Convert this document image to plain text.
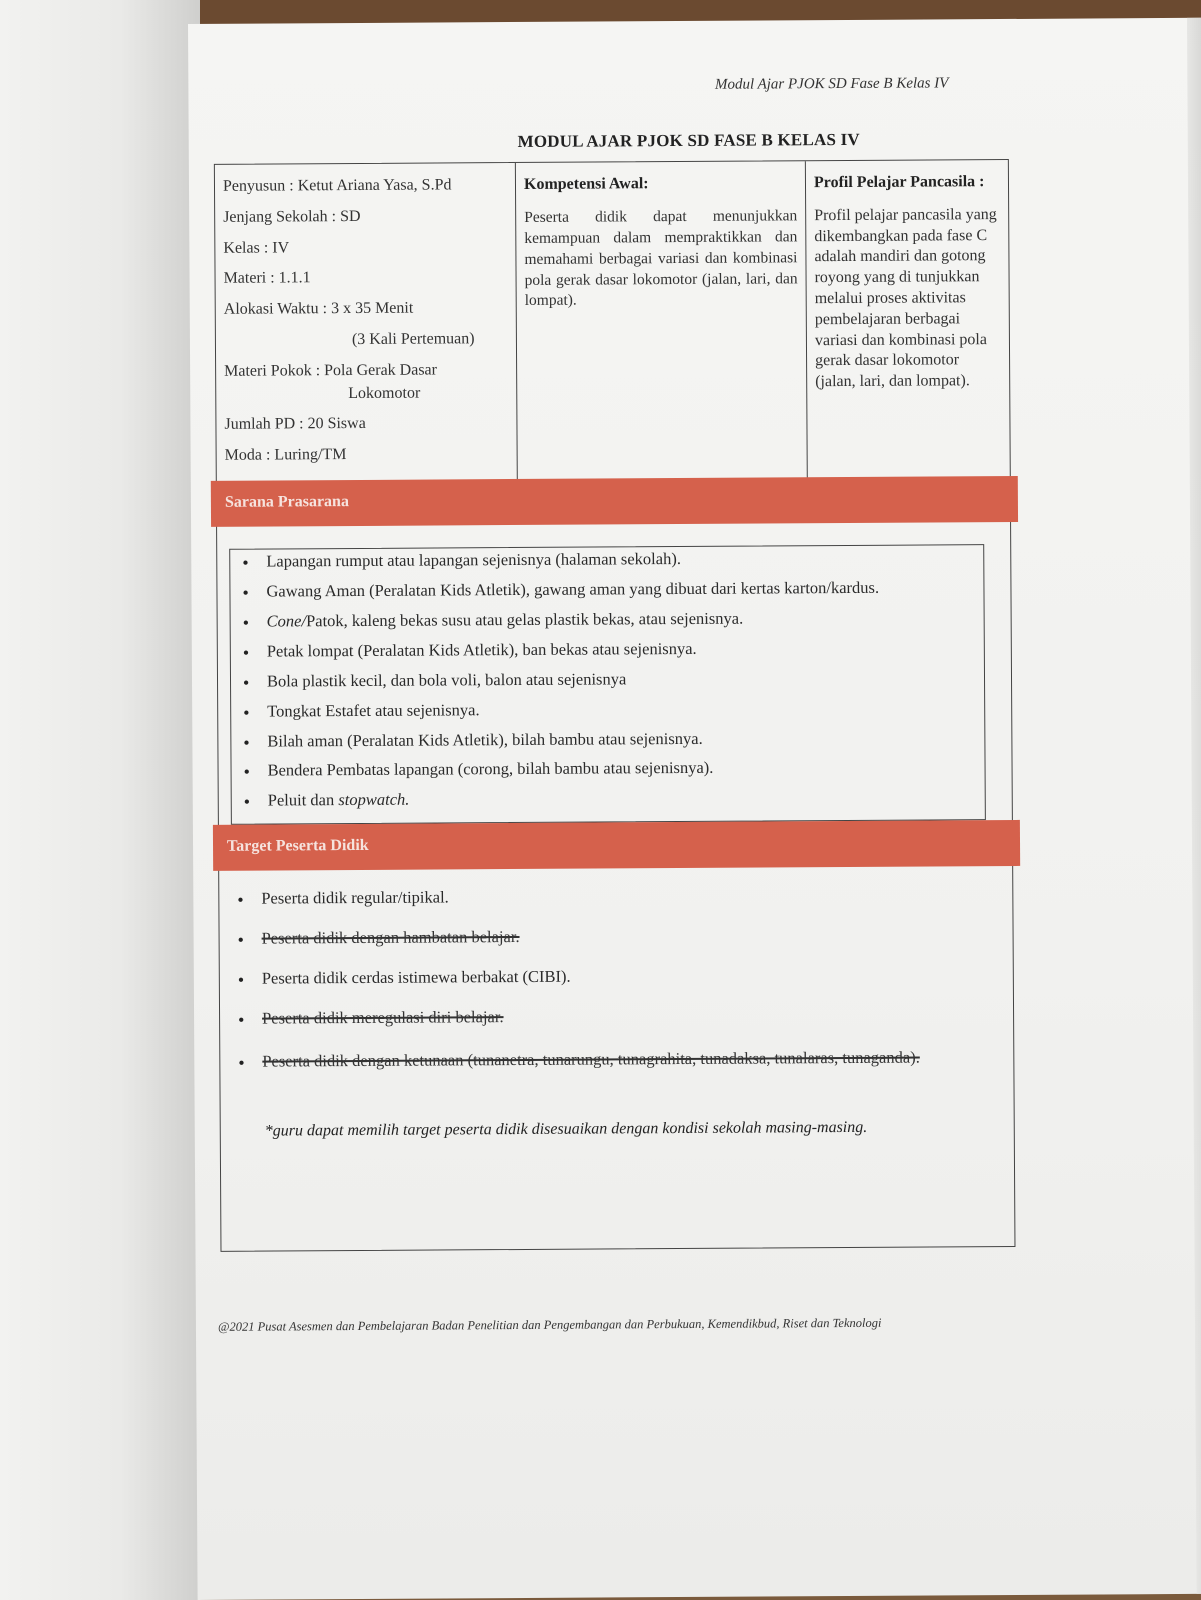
Modul Ajar PJOK SD Fase B Kelas IV
MODUL AJAR PJOK SD FASE B KELAS IV
Penyusun : Ketut Ariana Yasa, S.Pd
Jenjang Sekolah : SD
Kelas : IV
Materi : 1.1.1
Alokasi Waktu : 3 x 35 Menit
(3 Kali Pertemuan)
Materi Pokok : Pola Gerak Dasar
Lokomotor
Jumlah PD : 20 Siswa
Moda : Luring/TM
Kompetensi Awal:
Peserta didik dapat menunjukkan kemampuan dalam mempraktikkan dan memahami berbagai variasi dan kombinasi pola gerak dasar lokomotor (jalan, lari, dan lompat).
Profil Pelajar Pancasila :
Profil pelajar pancasila yang dikembangkan pada fase C adalah mandiri dan gotong royong yang di tunjukkan melalui proses aktivitas pembelajaran berbagai variasi dan kombinasi pola gerak dasar lokomotor (jalan, lari, dan lompat).
Sarana Prasarana
• Lapangan rumput atau lapangan sejenisnya (halaman sekolah).
• Gawang Aman (Peralatan Kids Atletik), gawang aman yang dibuat dari kertas karton/kardus.
• Cone/Patok, kaleng bekas susu atau gelas plastik bekas, atau sejenisnya.
• Petak lompat (Peralatan Kids Atletik), ban bekas atau sejenisnya.
• Bola plastik kecil, dan bola voli, balon atau sejenisnya
• Tongkat Estafet atau sejenisnya.
• Bilah aman (Peralatan Kids Atletik), bilah bambu atau sejenisnya.
• Bendera Pembatas lapangan (corong, bilah bambu atau sejenisnya).
• Peluit dan stopwatch.
Target Peserta Didik
• Peserta didik regular/tipikal.
• Peserta didik dengan hambatan belajar.
• Peserta didik cerdas istimewa berbakat (CIBI).
• Peserta didik meregulasi diri belajar.
• Peserta didik dengan ketunaan (tunanetra, tunarungu, tunagrahita, tunadaksa, tunalaras, tunaganda).
*guru dapat memilih target peserta didik disesuaikan dengan kondisi sekolah masing-masing.
@2021 Pusat Asesmen dan Pembelajaran Badan Penelitian dan Pengembangan dan Perbukuan, Kemendikbud, Riset dan Teknologi
